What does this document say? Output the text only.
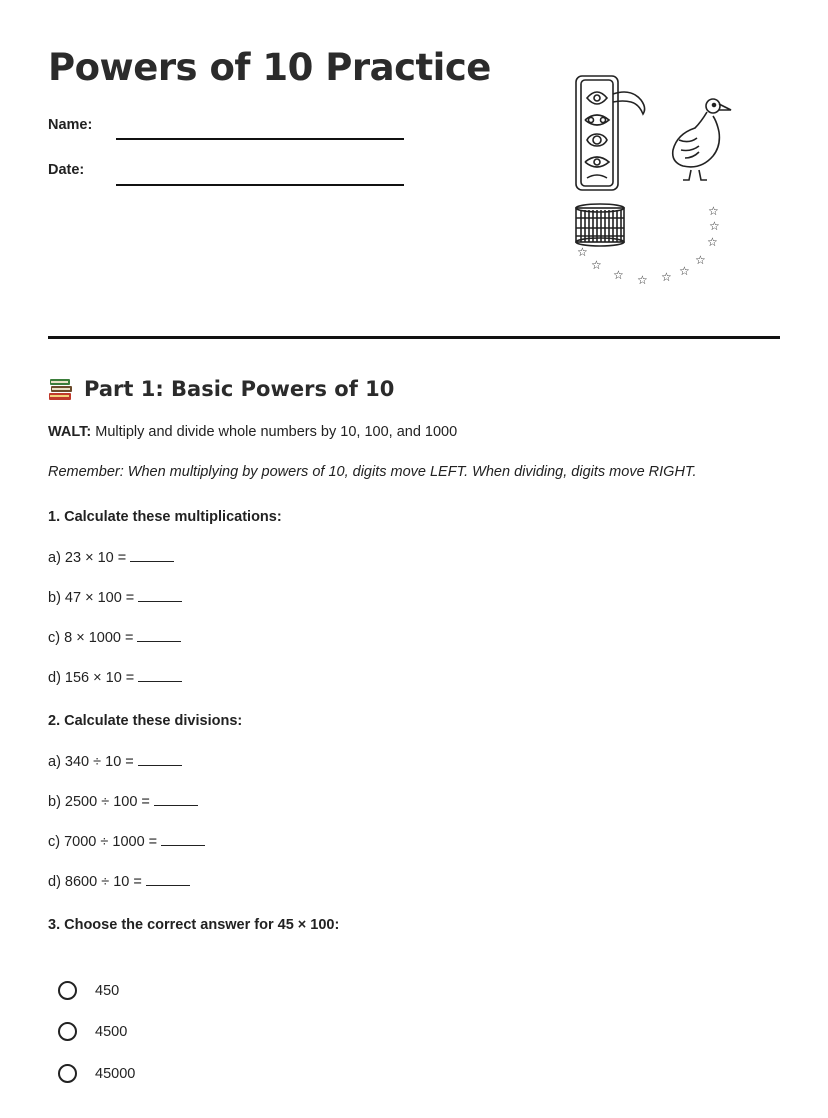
Powers of 10 Practice
Name:
Date:
☆
☆
☆ ☆ ☆ ☆
☆
☆
☆
☆
Part 1: Basic Powers of 10
WALT: Multiply and divide whole numbers by 10, 100, and 1000
Remember: When multiplying by powers of 10, digits move LEFT. When dividing, digits move RIGHT.
1. Calculate these multiplications:
a) 23 × 10 =
b) 47 × 100 =
c) 8 × 1000 =
d) 156 × 10 =
2. Calculate these divisions:
a) 340 ÷ 10 =
b) 2500 ÷ 100 =
c) 7000 ÷ 1000 =
d) 8600 ÷ 10 =
3. Choose the correct answer for 45 × 100:
450
4500
45000
